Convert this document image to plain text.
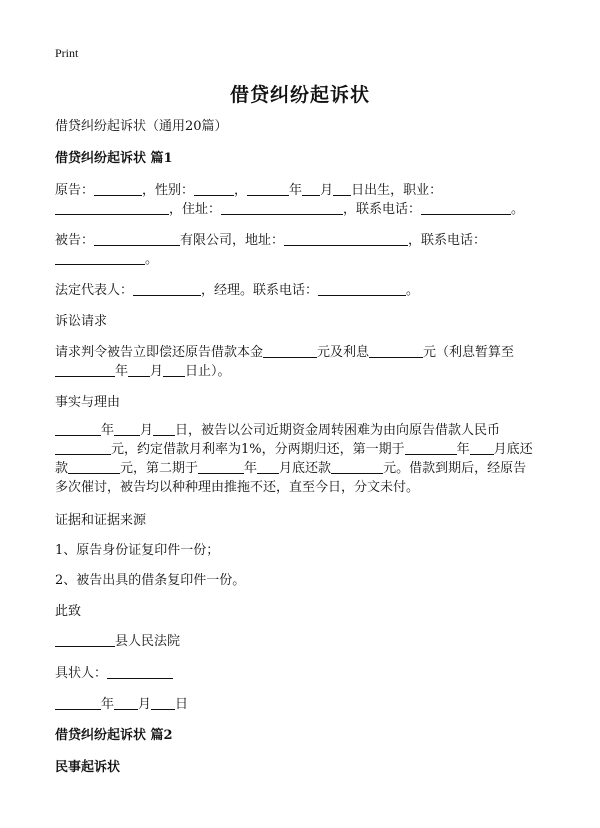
Print
借贷纠纷起诉状
借贷纠纷起诉状（通用20篇）
借贷纠纷起诉状 篇1
原告：	，性别：	，	年 月 日出生，职业：
，住址：	，联系电话：	。
被告：	有限公司，地址：	，联系电话：
。
法定代表人：	，经理。联系电话：	。
诉讼请求
请求判令被告立即偿还原告借款本金	元及利息	元（利息暂算至
年 月 日止）。
事实与理由
年 月 日，被告以公司近期资金周转困难为由向原告借款人民币
元，约定借款月利率为1%，分两期归还，第一期于	年 月底还
款	元，第二期于	年 月底还款	元。借款到期后，经原告
多次催讨，被告均以种种理由推拖不还，直至今日，分文未付。
证据和证据来源
1、原告身份证复印件一份；
2、被告出具的借条复印件一份。
此致
县人民法院
具状人：
年 月 日
借贷纠纷起诉状 篇2
民事起诉状
